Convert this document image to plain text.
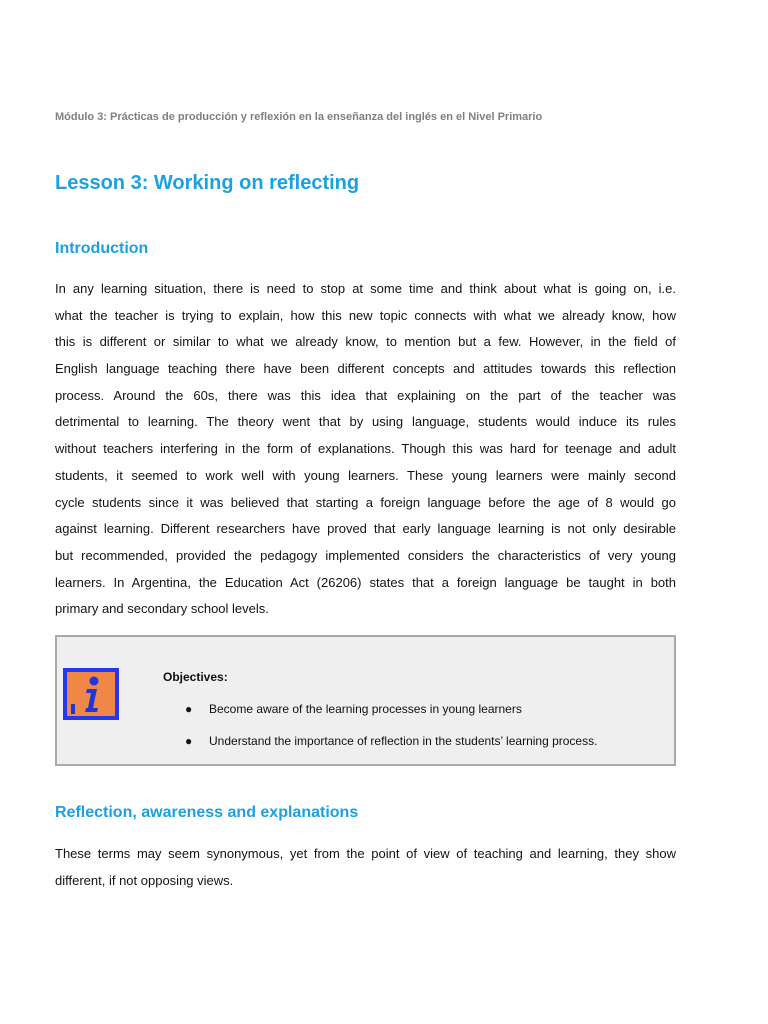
Módulo 3: Prácticas de producción y reflexión en la enseñanza del inglés en el Nivel Primario
Lesson 3: Working on reflecting
Introduction
In any learning situation, there is need to stop at some time and think about what is going on, i.e.
what the teacher is trying to explain, how this new topic connects with what we already know, how
this is different or similar to what we already know, to mention but a few. However, in the field of
English language teaching there have been different concepts and attitudes towards this reflection
process. Around the 60s, there was this idea that explaining on the part of the teacher was
detrimental to learning. The theory went that by using language, students would induce its rules
without teachers interfering in the form of explanations. Though this was hard for teenage and adult
students, it seemed to work well with young learners. These young learners were mainly second
cycle students since it was believed that starting a foreign language before the age of 8 would go
against learning. Different researchers have proved that early language learning is not only desirable
but recommended, provided the pedagogy implemented considers the characteristics of very young
learners. In Argentina, the Education Act (26206) states that a foreign language be taught in both
primary and secondary school levels.
Objectives:
● Become aware of the learning processes in young learners
● Understand the importance of reflection in the students’ learning process.
Reflection, awareness and explanations
These terms may seem synonymous, yet from the point of view of teaching and learning, they show
different, if not opposing views.
